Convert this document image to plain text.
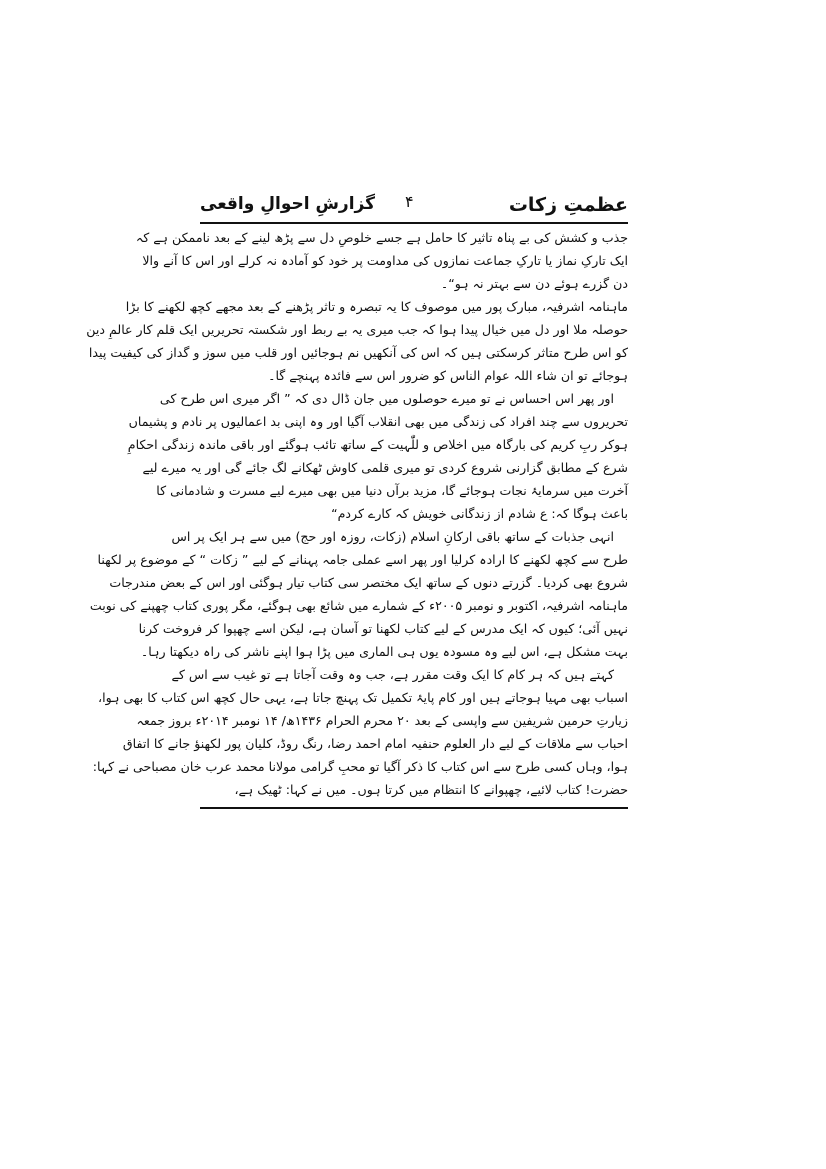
عظمتِ زکات
۴
گزارشِ احوالِ واقعی
جذب و کشش کی بے پناہ تاثیر کا حامل ہے جسے خلوصِ دل سے پڑھ لینے کے بعد ناممکن ہے کہ
ایک تارکِ نماز یا تارکِ جماعت نمازوں کی مداومت پر خود کو آمادہ نہ کرلے اور اس کا آنے والا
دن گزرے ہوئے دن سے بہتر نہ ہو“۔
ماہنامہ اشرفیہ، مبارک پور میں موصوف کا یہ تبصرہ و تاثر پڑھنے کے بعد مجھے کچھ لکھنے کا بڑا
حوصلہ ملا اور دل میں خیال پیدا ہوا کہ جب میری یہ بے ربط اور شکستہ تحریریں ایک قلم کار عالمِ دین
کو اس طرح متاثر کرسکتی ہیں کہ اس کی آنکھیں نم ہوجائیں اور قلب میں سوز و گداز کی کیفیت پیدا
ہوجائے تو ان شاء اللہ عوام الناس کو ضرور اس سے فائدہ پہنچے گا۔
اور پھر اس احساس نے تو میرے حوصلوں میں جان ڈال دی کہ ” اگر میری اس طرح کی
تحریروں سے چند افراد کی زندگی میں بھی انقلاب آگیا اور وہ اپنی بد اعمالیوں پر نادم و پشیماں
ہوکر ربِ کریم کی بارگاہ میں اخلاص و للّٰہیت کے ساتھ تائب ہوگئے اور باقی ماندہ زندگی احکامِ
شرع کے مطابق گزارنی شروع کردی تو میری قلمی کاوش ٹھکانے لگ جائے گی اور یہ میرے لیے
آخرت میں سرمایۂ نجات ہوجائے گا، مزید برآں دنیا میں بھی میرے لیے مسرت و شادمانی کا
باعث ہوگا کہ: ع شادم از زندگانی خویش کہ کارے کردم“
انہی جذبات کے ساتھ باقی ارکانِ اسلام (زکات، روزہ اور حج) میں سے ہر ایک پر اس
طرح سے کچھ لکھنے کا ارادہ کرلیا اور پھر اسے عملی جامہ پہنانے کے لیے ” زکات “ کے موضوع پر لکھنا
شروع بھی کردیا۔ گزرتے دنوں کے ساتھ ایک مختصر سی کتاب تیار ہوگئی اور اس کے بعض مندرجات
ماہنامہ اشرفیہ، اکتوبر و نومبر ۲۰۰۵ء کے شمارے میں شائع بھی ہوگئے، مگر پوری کتاب چھپنے کی نوبت
نہیں آئی؛ کیوں کہ ایک مدرس کے لیے کتاب لکھنا تو آسان ہے، لیکن اسے چھپوا کر فروخت کرنا
بہت مشکل ہے، اس لیے وہ مسودہ یوں ہی الماری میں پڑا ہوا اپنے ناشر کی راہ دیکھتا رہا۔
کہتے ہیں کہ ہر کام کا ایک وقت مقرر ہے، جب وہ وقت آجاتا ہے تو غیب سے اس کے
اسباب بھی مہیا ہوجاتے ہیں اور کام پایۂ تکمیل تک پہنچ جاتا ہے، یہی حال کچھ اس کتاب کا بھی ہوا،
زیارتِ حرمین شریفین سے واپسی کے بعد ۲۰ محرم الحرام ۱۴۳۶ھ/ ۱۴ نومبر ۲۰۱۴ء بروز جمعہ
احباب سے ملاقات کے لیے دار العلوم حنفیہ امام احمد رضا، رنگ روڈ، کلیان پور لکھنؤ جانے کا اتفاق
ہوا، وہاں کسی طرح سے اس کتاب کا ذکر آگیا تو محبِ گرامی مولانا محمد عرب خان مصباحی نے کہا:
حضرت! کتاب لائیے، چھپوانے کا انتظام میں کرتا ہوں۔ میں نے کہا: ٹھیک ہے،
